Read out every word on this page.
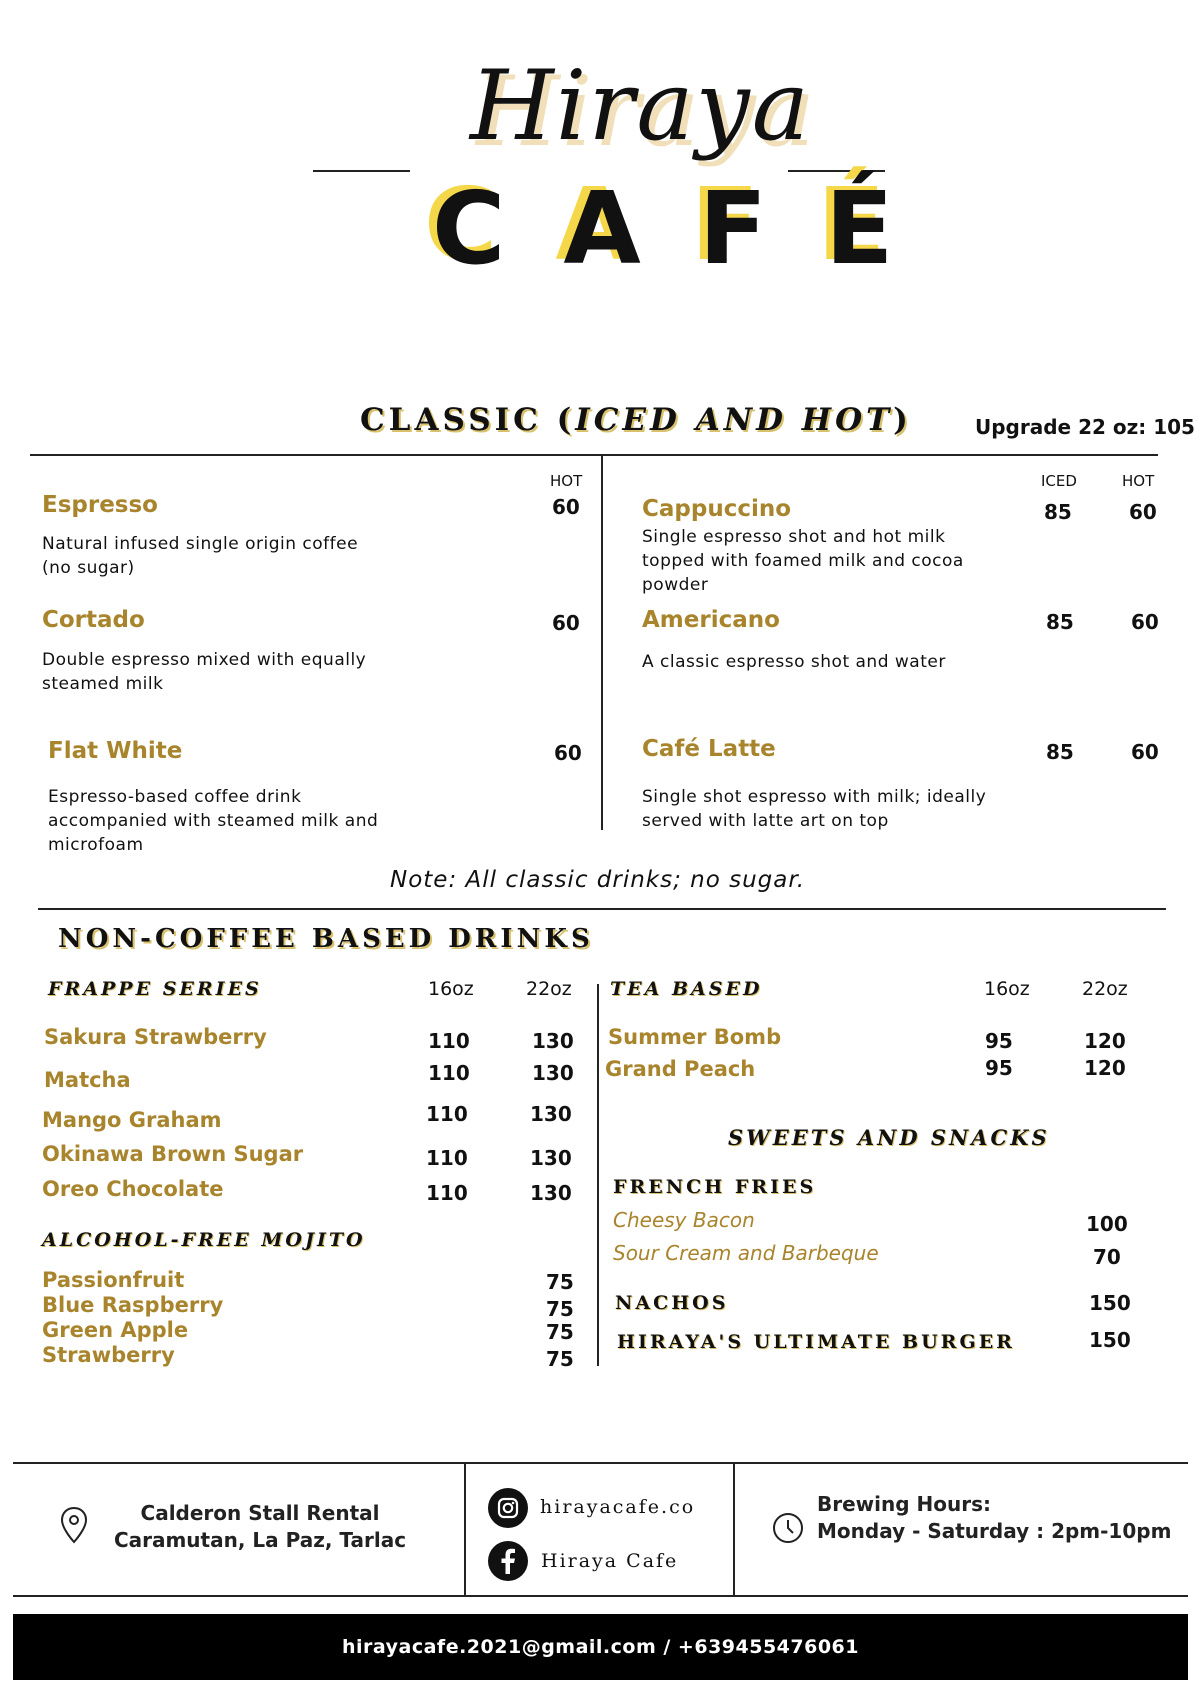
Hiraya
CAFÉ
CLASSIC (ICED AND HOT)	Upgrade 22 oz: 105
HOT
Espresso	60
Natural infused single origin coffee
(no sugar)
Cortado	60
Double espresso mixed with equally
steamed milk
Flat White	60
Espresso-based coffee drink
accompanied with steamed milk and
microfoam
ICED	HOT
Cappuccino	85	60
Single espresso shot and hot milk
topped with foamed milk and cocoa
powder
Americano	85	60
A classic espresso shot and water
Café Latte	85	60
Single shot espresso with milk; ideally
served with latte art on top
Note: All classic drinks; no sugar.
NON-COFFEE BASED DRINKS
FRAPPE SERIES	16oz	22oz
Sakura Strawberry	110	130
Matcha	110	130
Mango Graham	110	130
Okinawa Brown Sugar	110	130
Oreo Chocolate	110	130
ALCOHOL-FREE MOJITO
Passionfruit	75
Blue Raspberry	75
Green Apple	75
Strawberry	75
TEA BASED	16oz	22oz
Summer Bomb	95	120
Grand Peach	95	120
SWEETS AND SNACKS
FRENCH FRIES
Cheesy Bacon	100
Sour Cream and Barbeque	70
NACHOS	150
HIRAYA'S ULTIMATE BURGER	150
Calderon Stall Rental
Caramutan, La Paz, Tarlac
hirayacafe.co
Hiraya Cafe
Brewing Hours:
Monday - Saturday : 2pm-10pm
hirayacafe.2021@gmail.com / +639455476061
